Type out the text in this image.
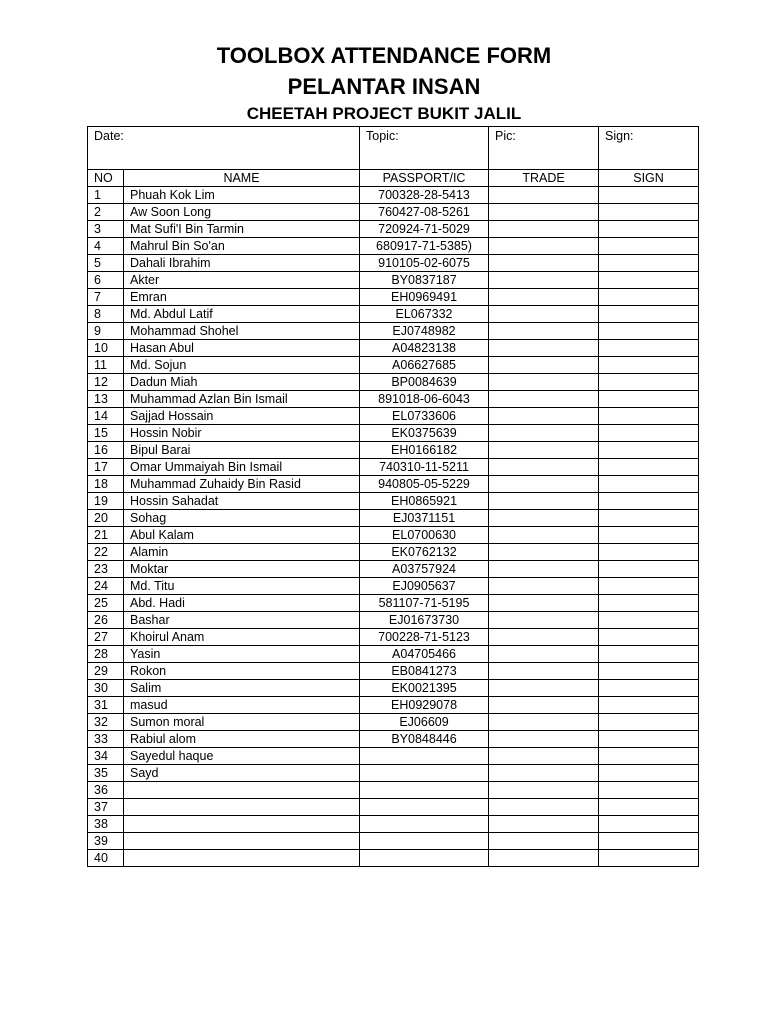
TOOLBOX ATTENDANCE FORM
PELANTAR INSAN
CHEETAH PROJECT BUKIT JALIL
Date:		Topic:	Pic:	Sign:
NO	NAME	PASSPORT/IC	TRADE	SIGN
1	Phuah Kok Lim	700328-28-5413		
2	Aw Soon Long	760427-08-5261		
3	Mat Sufi'I Bin Tarmin	720924-71-5029		
4	Mahrul Bin So'an	680917-71-5385)		
5	Dahali Ibrahim	910105-02-6075		
6	Akter	BY0837187		
7	Emran	EH0969491		
8	Md. Abdul Latif	EL067332		
9	Mohammad Shohel	EJ0748982		
10	Hasan Abul	A04823138		
11	Md. Sojun	A06627685		
12	Dadun Miah	BP0084639		
13	Muhammad Azlan Bin Ismail	891018-06-6043		
14	Sajjad Hossain	EL0733606		
15	Hossin Nobir	EK0375639		
16	Bipul Barai	EH0166182		
17	Omar Ummaiyah Bin Ismail	740310-11-5211		
18	Muhammad Zuhaidy Bin Rasid	940805-05-5229		
19	Hossin Sahadat	EH0865921		
20	Sohag	EJ0371151		
21	Abul Kalam	EL0700630		
22	Alamin	EK0762132		
23	Moktar	A03757924		
24	Md. Titu	EJ0905637		
25	Abd. Hadi	581107-71-5195		
26	Bashar	EJ01673730		
27	Khoirul Anam	700228-71-5123		
28	Yasin	A04705466		
29	Rokon	EB0841273		
30	Salim	EK0021395		
31	masud	EH0929078		
32	Sumon moral	EJ06609		
33	Rabiul alom	BY0848446		
34	Sayedul haque			
35	Sayd			
36				
37				
38				
39				
40				
